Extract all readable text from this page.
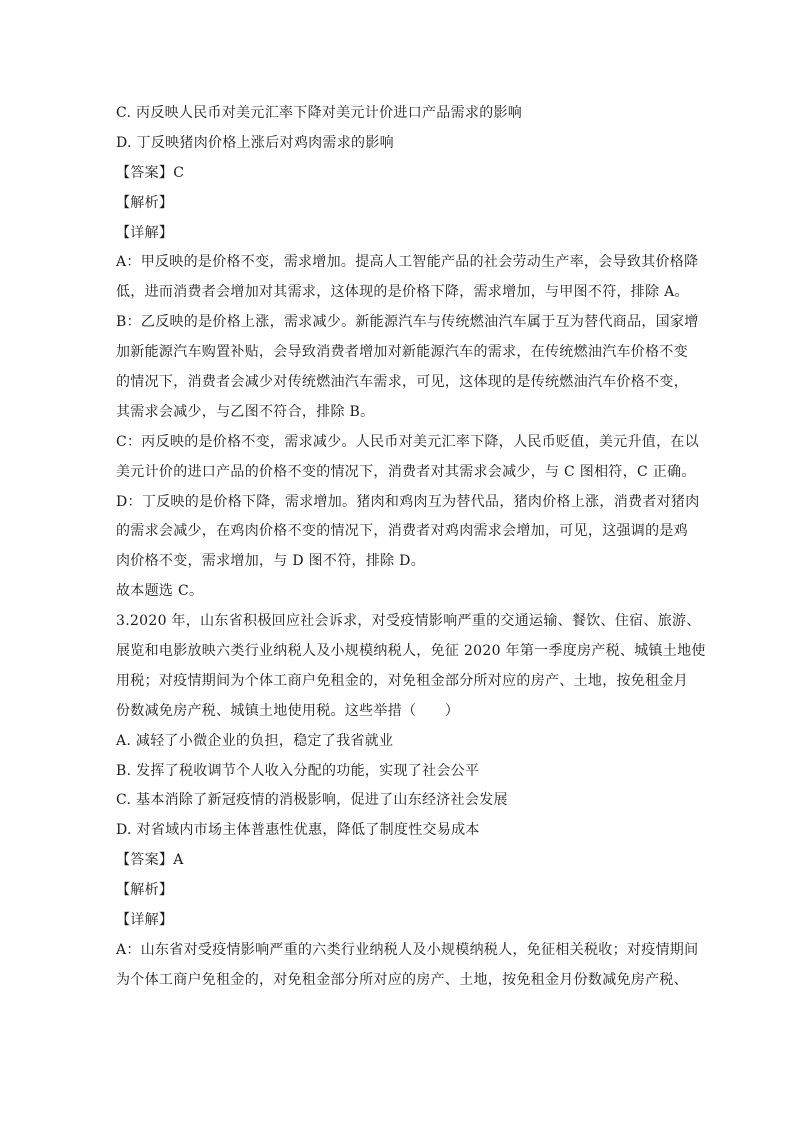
C. 丙反映人民币对美元汇率下降对美元计价进口产品需求的影响
D. 丁反映猪肉价格上涨后对鸡肉需求的影响
【答案】C
【解析】
【详解】
A：甲反映的是价格不变，需求增加。提高人工智能产品的社会劳动生产率，会导致其价格降
低，进而消费者会增加对其需求，这体现的是价格下降，需求增加，与甲图不符，排除 A。
B：乙反映的是价格上涨，需求减少。新能源汽车与传统燃油汽车属于互为替代商品，国家增
加新能源汽车购置补贴，会导致消费者增加对新能源汽车的需求，在传统燃油汽车价格不变
的情况下，消费者会减少对传统燃油汽车需求，可见，这体现的是传统燃油汽车价格不变，
其需求会减少，与乙图不符合，排除 B。
C：丙反映的是价格不变，需求减少。人民币对美元汇率下降，人民币贬值，美元升值，在以
美元计价的进口产品的价格不变的情况下，消费者对其需求会减少，与 C 图相符，C 正确。
D：丁反映的是价格下降，需求增加。猪肉和鸡肉互为替代品，猪肉价格上涨，消费者对猪肉
的需求会减少，在鸡肉价格不变的情况下，消费者对鸡肉需求会增加，可见，这强调的是鸡
肉价格不变，需求增加，与 D 图不符，排除 D。
故本题选 C。
3.2020 年，山东省积极回应社会诉求，对受疫情影响严重的交通运输、餐饮、住宿、旅游、
展览和电影放映六类行业纳税人及小规模纳税人，免征 2020 年第一季度房产税、城镇土地使
用税；对疫情期间为个体工商户免租金的，对免租金部分所对应的房产、土地，按免租金月
份数减免房产税、城镇土地使用税。这些举措（　　）
A. 减轻了小微企业的负担，稳定了我省就业
B. 发挥了税收调节个人收入分配的功能，实现了社会公平
C. 基本消除了新冠疫情的消极影响，促进了山东经济社会发展
D. 对省域内市场主体普惠性优惠，降低了制度性交易成本
【答案】A
【解析】
【详解】
A：山东省对受疫情影响严重的六类行业纳税人及小规模纳税人，免征相关税收；对疫情期间
为个体工商户免租金的，对免租金部分所对应的房产、土地，按免租金月份数减免房产税、
